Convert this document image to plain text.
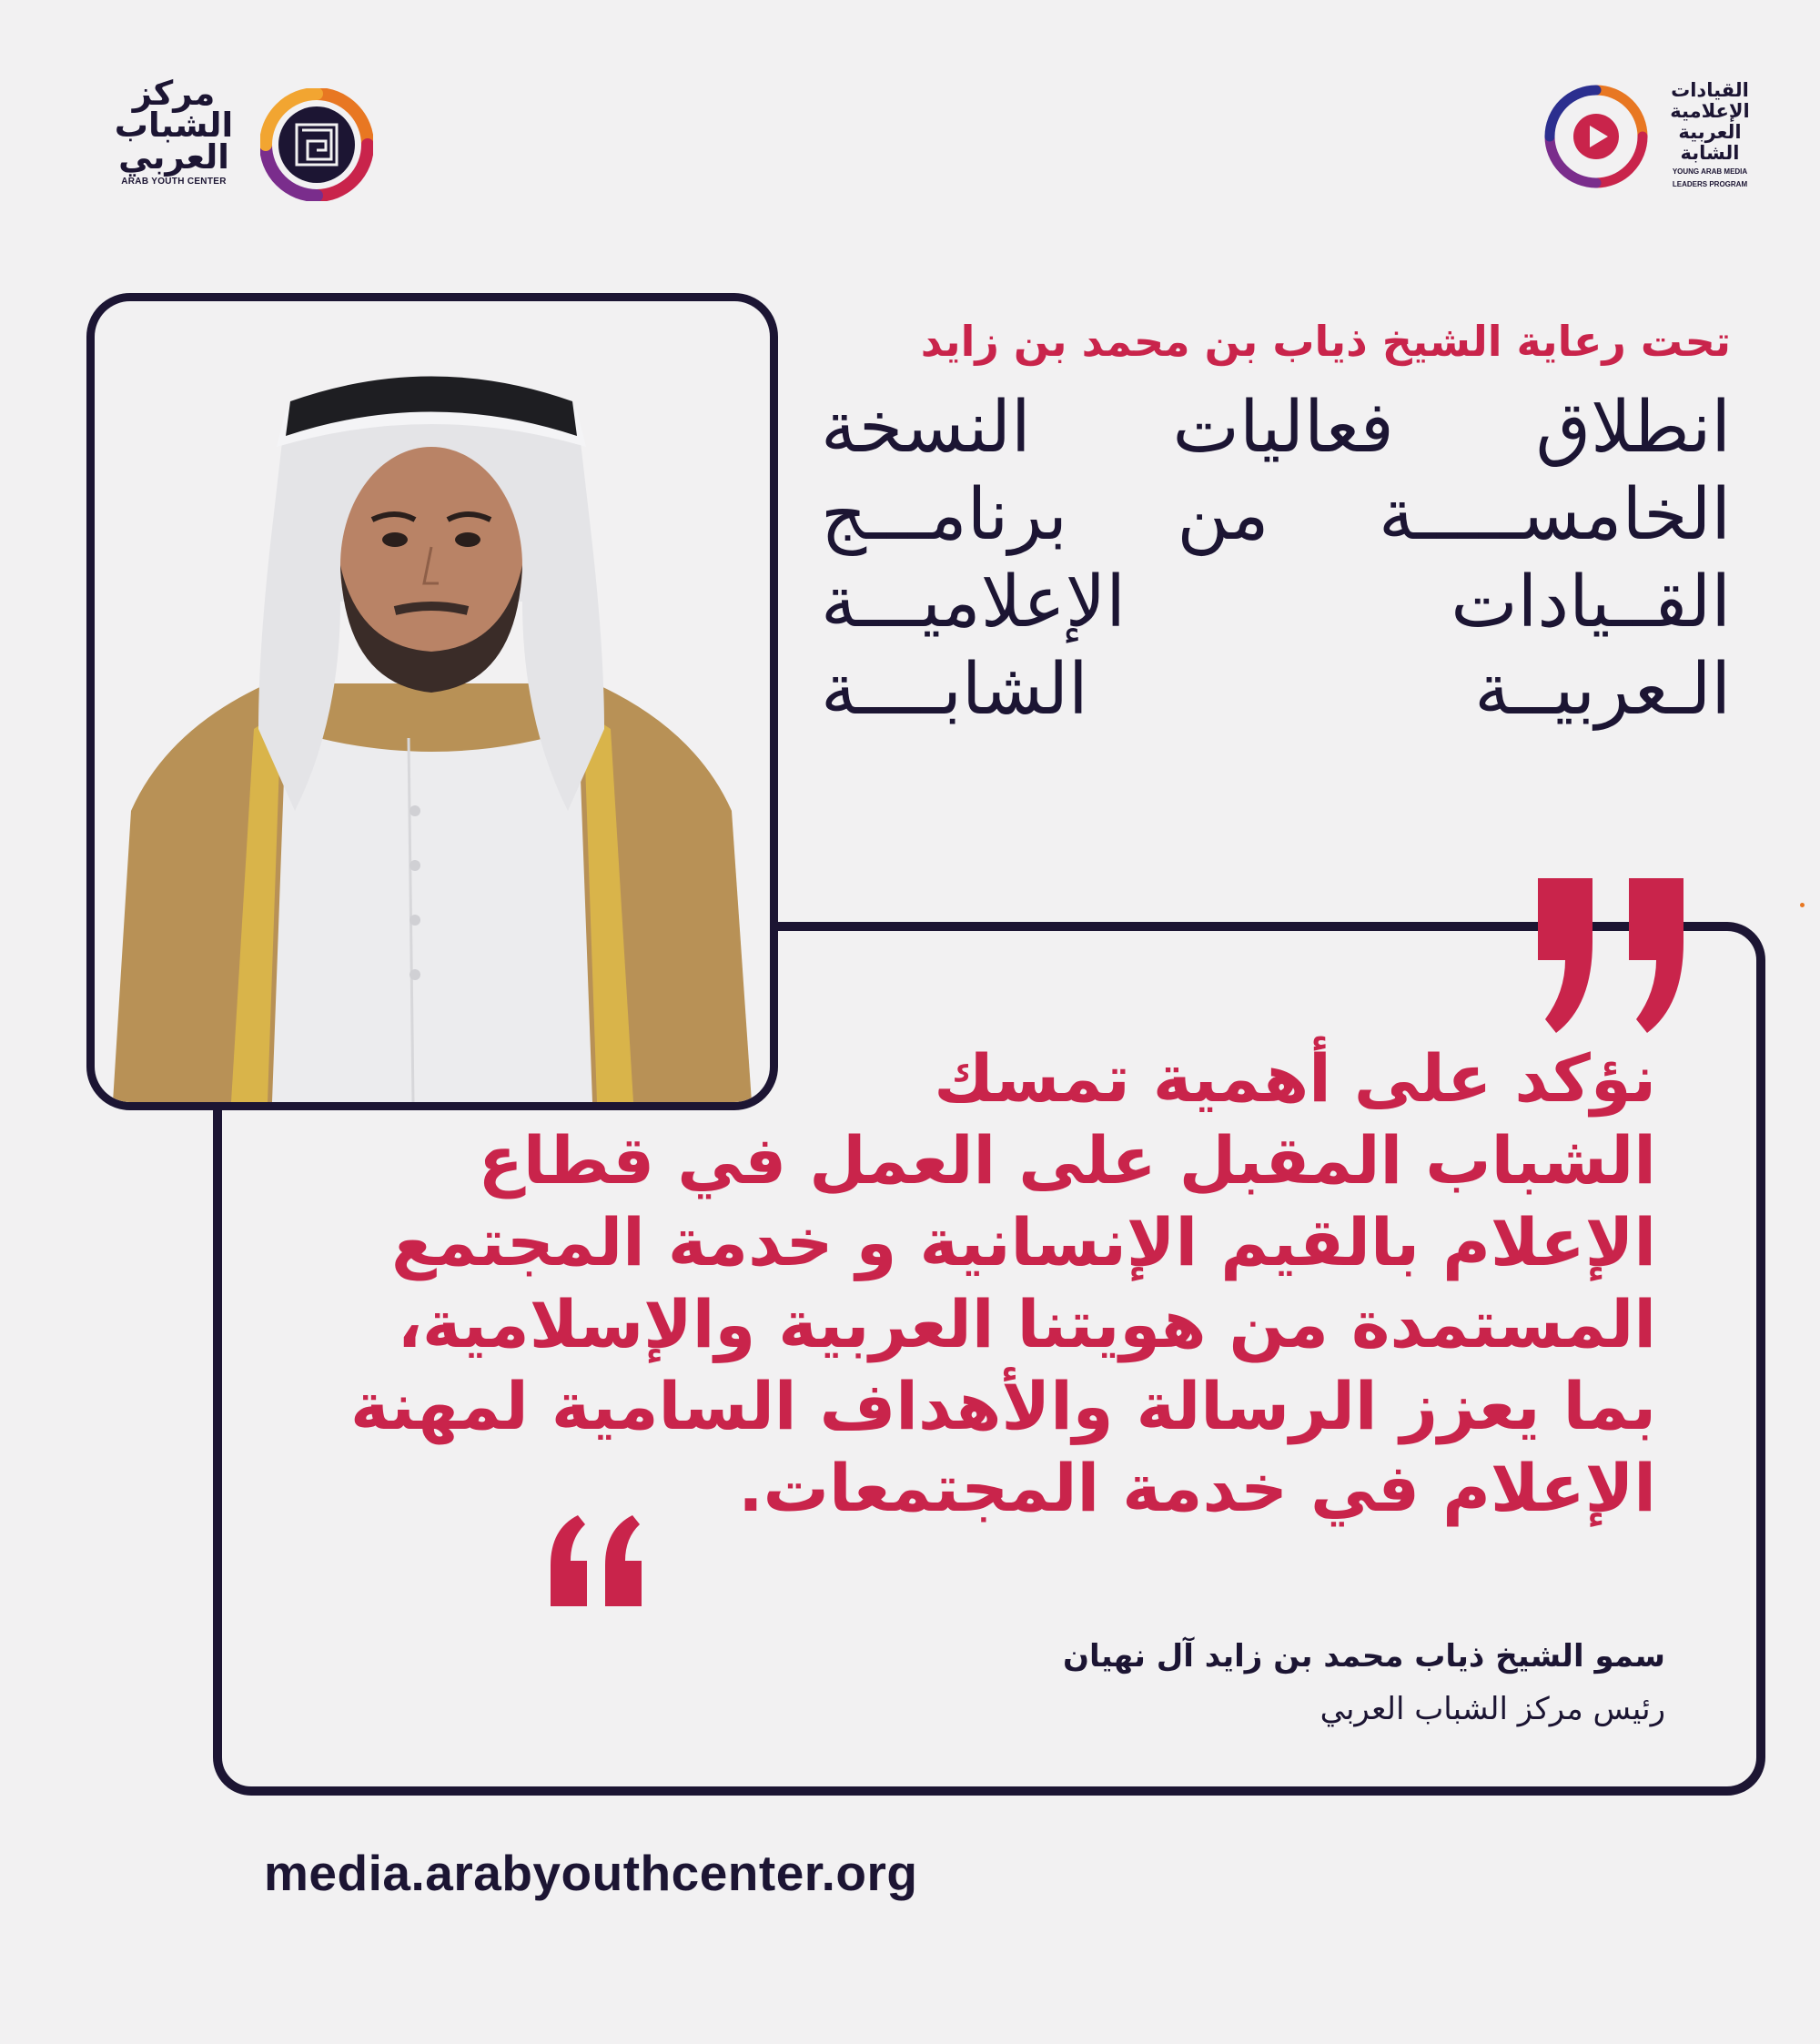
مركز
الشباب
العربي
ARAB YOUTH CENTER
القيادات
الإعلامية
العربية
الشابة
YOUNG ARAB MEDIA
LEADERS PROGRAM
تحت رعاية الشيخ ذياب بن محمد بن زايد
انطلاق فعاليات النسخة
الخامســـــة من برنامـــج
القــيادات الإعلاميـــة
الـعربيــة الشابــــة
نؤكد على أهمية تمسك
الشباب المقبل على العمل في قطاع
الإعلام بالقيم الإنسانية و خدمة المجتمع
المستمدة من هويتنا العربية والإسلامية،
بما يعزز الرسالة والأهداف السامية لمهنة
الإعلام في خدمة المجتمعات.
سمو الشيخ ذياب محمد بن زايد آل نهيان
رئيس مركز الشباب العربي
media.arabyouthcenter.org
